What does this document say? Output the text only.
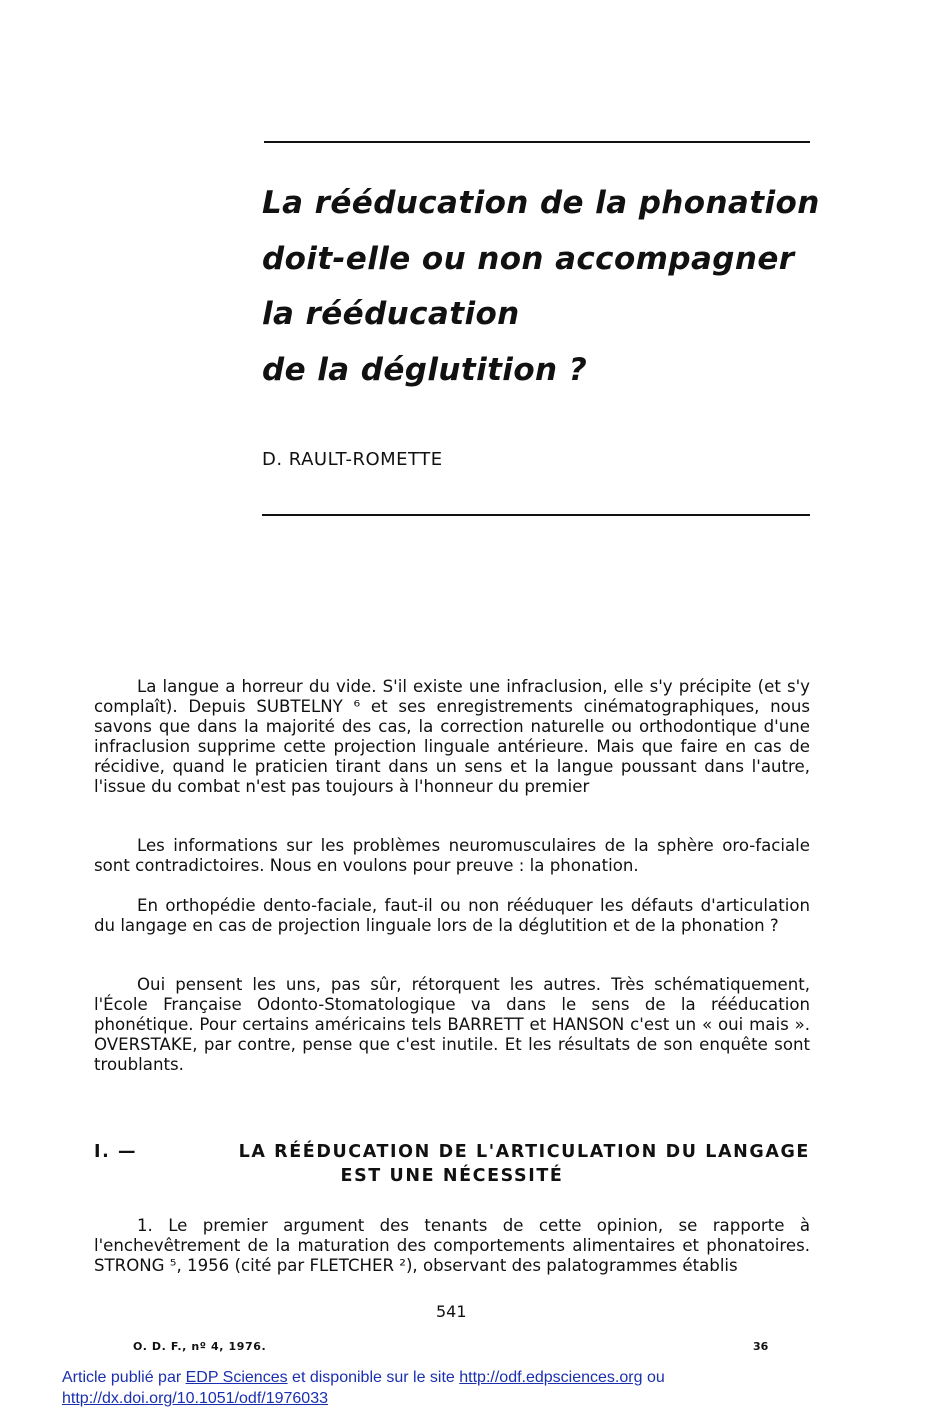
La rééducation de la phonation
doit-elle ou non accompagner
la rééducation
de la déglutition ?
D. RAULT-ROMETTE

La langue a horreur du vide. S'il existe une infraclusion, elle s'y précipite (et s'y complaît). Depuis SUBTELNY ⁶ et ses enregistrements cinématographiques, nous savons que dans la majorité des cas, la correction naturelle ou orthodontique d'une infraclusion supprime cette projection linguale antérieure. Mais que faire en cas de récidive, quand le praticien tirant dans un sens et la langue poussant dans l'autre, l'issue du combat n'est pas toujours à l'honneur du premier

Les informations sur les problèmes neuromusculaires de la sphère oro-faciale sont contradictoires. Nous en voulons pour preuve : la phonation.

En orthopédie dento-faciale, faut-il ou non rééduquer les défauts d'articulation du langage en cas de projection linguale lors de la déglutition et de la phonation ?

Oui pensent les uns, pas sûr, rétorquent les autres. Très schématiquement, l'École Française Odonto-Stomatologique va dans le sens de la rééducation phonétique. Pour certains américains tels BARRETT et HANSON c'est un « oui mais ». OVERSTAKE, par contre, pense que c'est inutile. Et les résultats de son enquête sont troublants.

I. —	LA RÉÉDUCATION DE L'ARTICULATION DU LANGAGE
EST UNE NÉCESSITÉ

1. Le premier argument des tenants de cette opinion, se rapporte à l'enchevêtrement de la maturation des comportements alimentaires et phonatoires. STRONG ⁵, 1956 (cité par FLETCHER ²), observant des palatogrammes établis

541
O. D. F., nº 4, 1976.	36
Article publié par EDP Sciences et disponible sur le site http://odf.edpsciences.org ou
http://dx.doi.org/10.1051/odf/1976033
